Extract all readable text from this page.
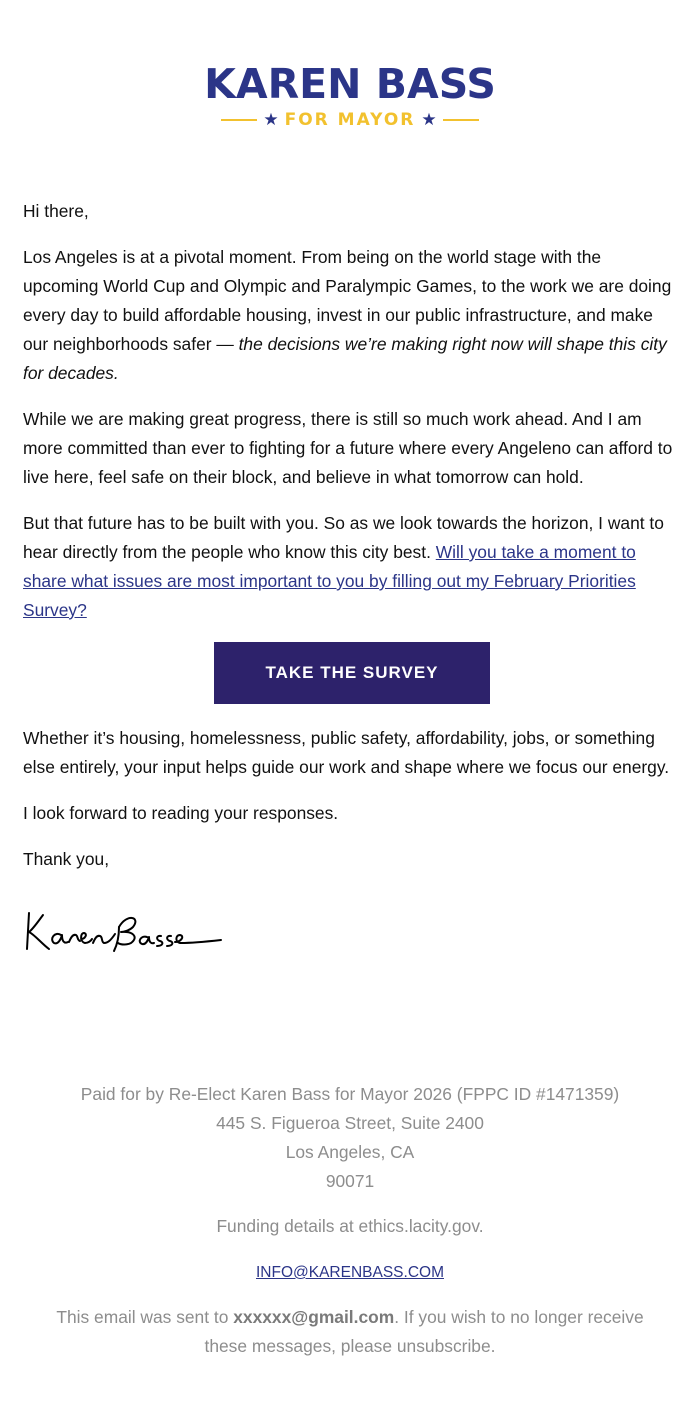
KAREN BASS
★ FOR MAYOR ★

Hi there,

Los Angeles is at a pivotal moment. From being on the world stage with the upcoming World Cup and Olympic and Paralympic Games, to the work we are doing every day to build affordable housing, invest in our public infrastructure, and make our neighborhoods safer — the decisions we’re making right now will shape this city for decades.

While we are making great progress, there is still so much work ahead. And I am more committed than ever to fighting for a future where every Angeleno can afford to live here, feel safe on their block, and believe in what tomorrow can hold.

But that future has to be built with you. So as we look towards the horizon, I want to hear directly from the people who know this city best. Will you take a moment to share what issues are most important to you by filling out my February Priorities Survey?

TAKE THE SURVEY

Whether it’s housing, homelessness, public safety, affordability, jobs, or something else entirely, your input helps guide our work and shape where we focus our energy.

I look forward to reading your responses.

Thank you,

Paid for by Re-Elect Karen Bass for Mayor 2026 (FPPC ID #1471359)
445 S. Figueroa Street, Suite 2400
Los Angeles, CA
90071

Funding details at ethics.lacity.gov.

INFO@KARENBASS.COM

This email was sent to xxxxxx@gmail.com. If you wish to no longer receive these messages, please unsubscribe.
